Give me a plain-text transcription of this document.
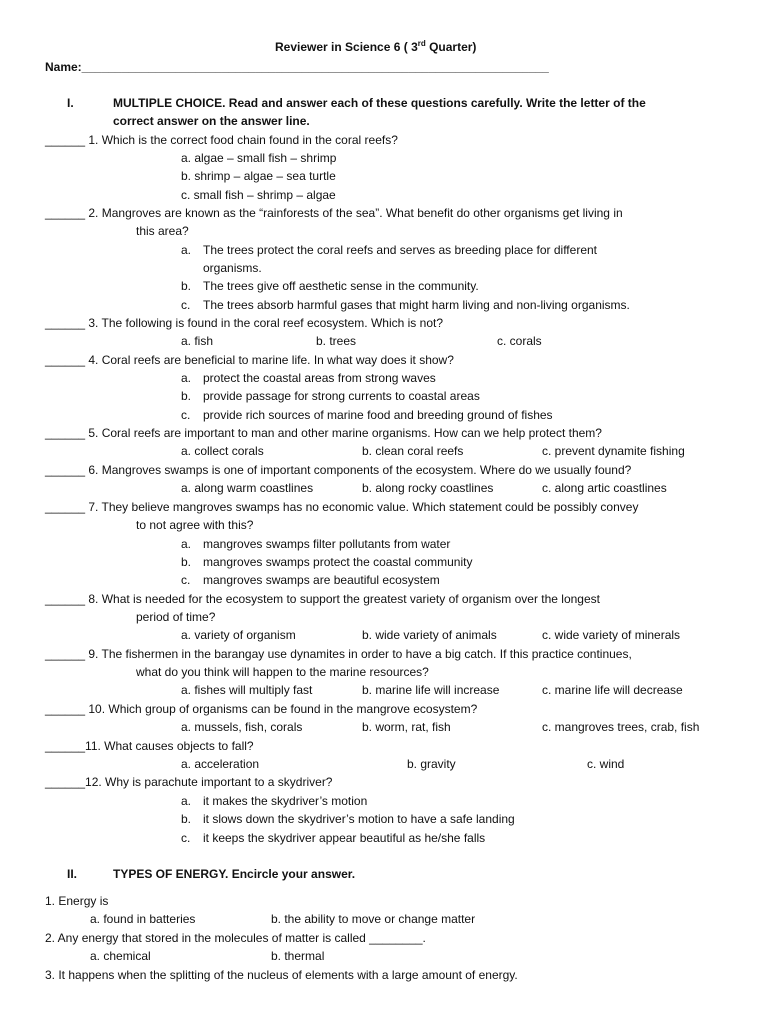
Reviewer in Science 6 ( 3rd Quarter)
Name:______________________________________________________________________
I.	MULTIPLE CHOICE. Read and answer each of these questions carefully. Write the letter of the
correct answer on the answer line.
______ 1. Which is the correct food chain found in the coral reefs?
a. algae – small fish – shrimp
b. shrimp – algae – sea turtle
c. small fish – shrimp – algae
______ 2. Mangroves are known as the “rainforests of the sea”. What benefit do other organisms get living in
this area?
a. The trees protect the coral reefs and serves as breeding place for different
organisms.
b. The trees give off aesthetic sense in the community.
c. The trees absorb harmful gases that might harm living and non-living organisms.
______ 3. The following is found in the coral reef ecosystem. Which is not?
a. fish	b. trees	c. corals
______ 4. Coral reefs are beneficial to marine life. In what way does it show?
a. protect the coastal areas from strong waves
b. provide passage for strong currents to coastal areas
c. provide rich sources of marine food and breeding ground of fishes
______ 5. Coral reefs are important to man and other marine organisms. How can we help protect them?
a. collect corals	b. clean coral reefs	c. prevent dynamite fishing
______ 6. Mangroves swamps is one of important components of the ecosystem. Where do we usually found?
a. along warm coastlines	b. along rocky coastlines	c. along artic coastlines
______ 7. They believe mangroves swamps has no economic value. Which statement could be possibly convey
to not agree with this?
a. mangroves swamps filter pollutants from water
b. mangroves swamps protect the coastal community
c. mangroves swamps are beautiful ecosystem
______ 8. What is needed for the ecosystem to support the greatest variety of organism over the longest
period of time?
a. variety of organism	b. wide variety of animals	c. wide variety of minerals
______ 9. The fishermen in the barangay use dynamites in order to have a big catch. If this practice continues,
what do you think will happen to the marine resources?
a. fishes will multiply fast	b. marine life will increase	c. marine life will decrease
______ 10. Which group of organisms can be found in the mangrove ecosystem?
a. mussels, fish, corals	b. worm, rat, fish	c. mangroves trees, crab, fish
______11. What causes objects to fall?
a. acceleration	b. gravity	c. wind
______12. Why is parachute important to a skydriver?
a. it makes the skydriver’s motion
b. it slows down the skydriver’s motion to have a safe landing
c. it keeps the skydriver appear beautiful as he/she falls
II.	TYPES OF ENERGY. Encircle your answer.
1. Energy is
a. found in batteries	b. the ability to move or change matter
2. Any energy that stored in the molecules of matter is called ________.
a. chemical	b. thermal
3. It happens when the splitting of the nucleus of elements with a large amount of energy.
